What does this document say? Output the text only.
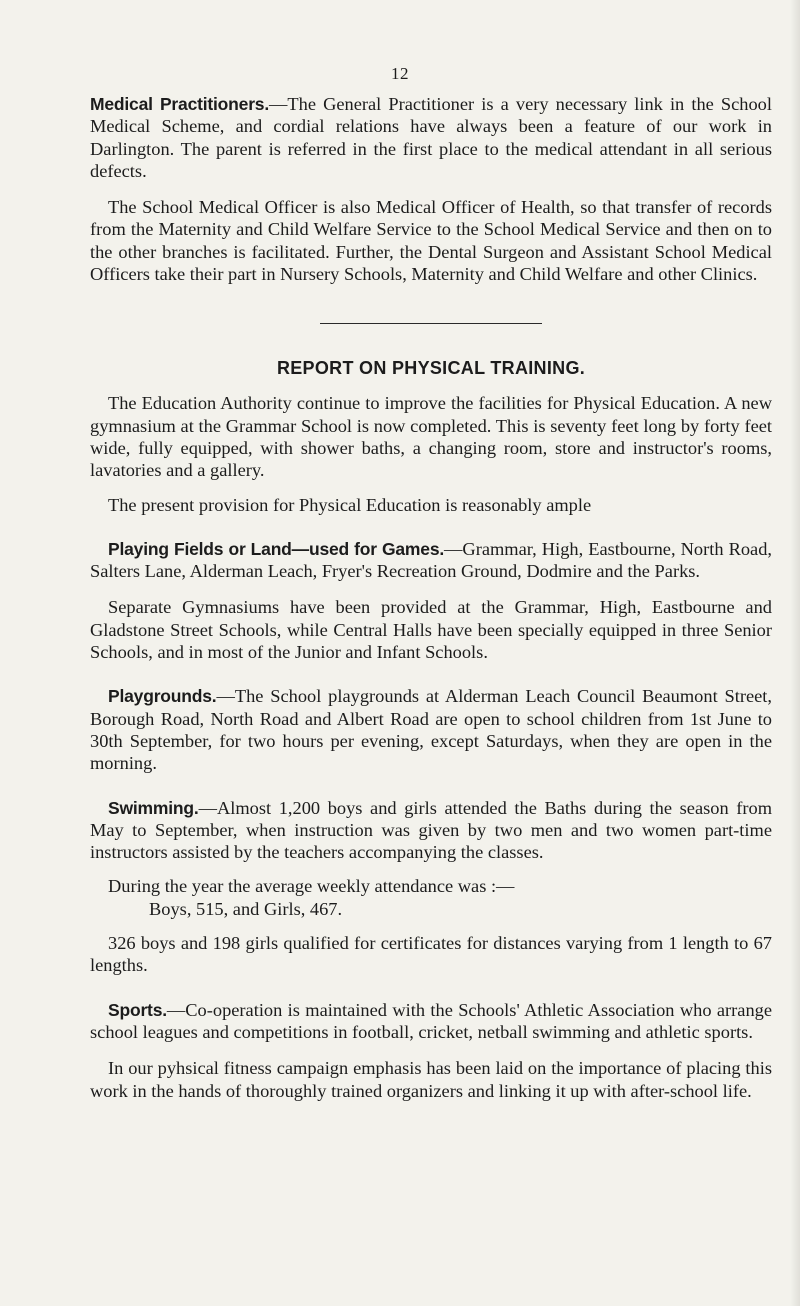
12

Medical Practitioners.—The General Practitioner is a very necessary link in the School Medical Scheme, and cordial relations have always been a feature of our work in Darlington. The parent is referred in the first place to the medical attendant in all serious defects.

The School Medical Officer is also Medical Officer of Health, so that transfer of records from the Maternity and Child Welfare Service to the School Medical Service and then on to the other branches is facilitated. Further, the Dental Surgeon and Assistant School Medical Officers take their part in Nursery Schools, Maternity and Child Welfare and other Clinics.

REPORT ON PHYSICAL TRAINING.

The Education Authority continue to improve the facilities for Physical Education. A new gymnasium at the Grammar School is now completed. This is seventy feet long by forty feet wide, fully equipped, with shower baths, a changing room, store and instructor's rooms, lavatories and a gallery.

The present provision for Physical Education is reasonably ample

Playing Fields or Land—used for Games.—Grammar, High, Eastbourne, North Road, Salters Lane, Alderman Leach, Fryer's Recreation Ground, Dodmire and the Parks.

Separate Gymnasiums have been provided at the Grammar, High, Eastbourne and Gladstone Street Schools, while Central Halls have been specially equipped in three Senior Schools, and in most of the Junior and Infant Schools.

Playgrounds.—The School playgrounds at Alderman Leach Council Beaumont Street, Borough Road, North Road and Albert Road are open to school children from 1st June to 30th September, for two hours per evening, except Saturdays, when they are open in the morning.

Swimming.—Almost 1,200 boys and girls attended the Baths during the season from May to September, when instruction was given by two men and two women part-time instructors assisted by the teachers accompanying the classes.

During the year the average weekly attendance was :—

Boys, 515, and Girls, 467.

326 boys and 198 girls qualified for certificates for distances varying from 1 length to 67 lengths.

Sports.—Co-operation is maintained with the Schools' Athletic Association who arrange school leagues and competitions in football, cricket, netball swimming and athletic sports.

In our pyhsical fitness campaign emphasis has been laid on the importance of placing this work in the hands of thoroughly trained organizers and linking it up with after-school life.
